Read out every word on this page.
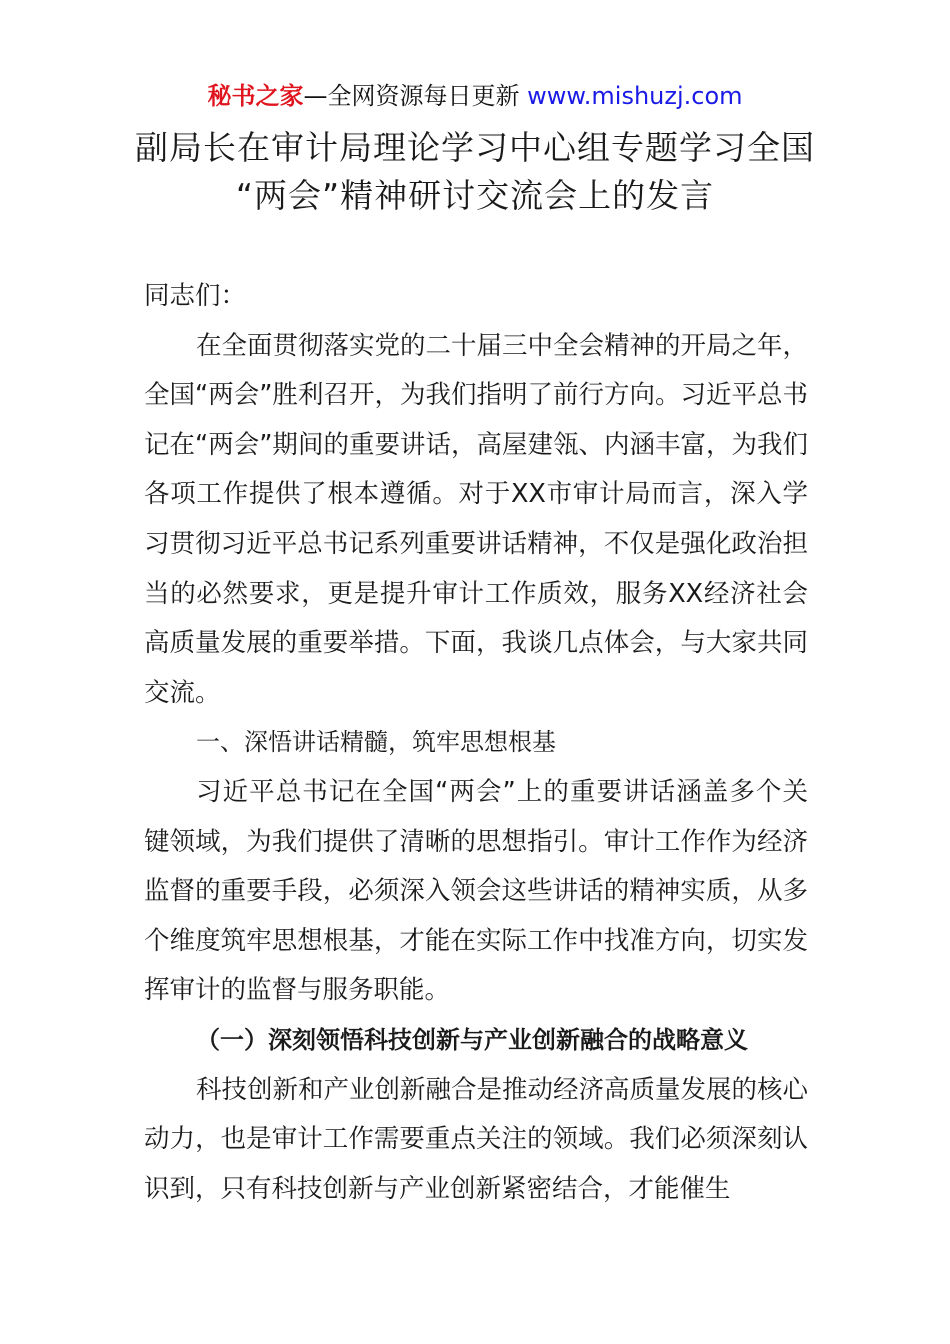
秘书之家—全网资源每日更新 www.mishuzj.com
副局长在审计局理论学习中心组专题学习全国
“两会”精神研讨交流会上的发言

同志们：

在全面贯彻落实党的二十届三中全会精神的开局之年，全国“两会”胜利召开，为我们指明了前行方向。习近平总书记在“两会”期间的重要讲话，高屋建瓴、内涵丰富，为我们各项工作提供了根本遵循。对于XX市审计局而言，深入学习贯彻习近平总书记系列重要讲话精神，不仅是强化政治担当的必然要求，更是提升审计工作质效，服务XX经济社会高质量发展的重要举措。下面，我谈几点体会，与大家共同交流。

一、深悟讲话精髓，筑牢思想根基

习近平总书记在全国“两会”上的重要讲话涵盖多个关键领域，为我们提供了清晰的思想指引。审计工作作为经济监督的重要手段，必须深入领会这些讲话的精神实质，从多个维度筑牢思想根基，才能在实际工作中找准方向，切实发挥审计的监督与服务职能。

（一）深刻领悟科技创新与产业创新融合的战略意义

科技创新和产业创新融合是推动经济高质量发展的核心动力，也是审计工作需要重点关注的领域。我们必须深刻认识到，只有科技创新与产业创新紧密结合，才能催生
